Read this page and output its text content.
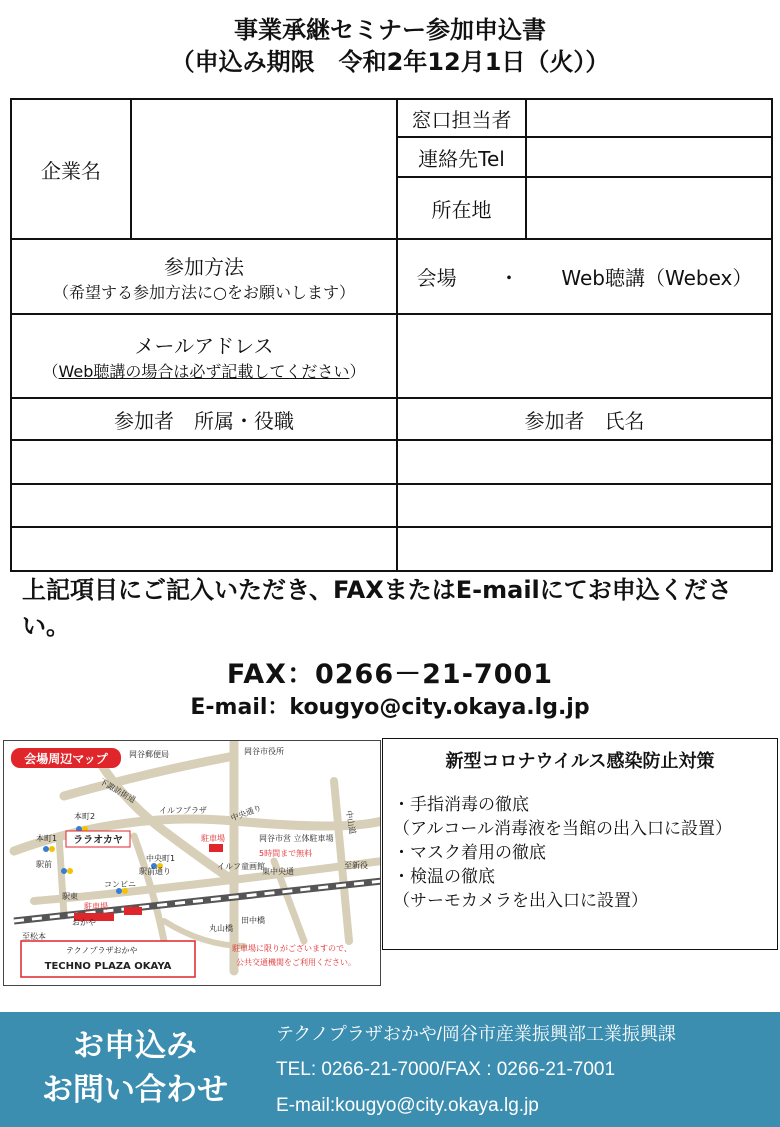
事業承継セミナー参加申込書
（申込み期限　令和2年12月1日（火））
企業名		窓口担当者	
		連絡先Tel	
		所在地	

参加方法
（希望する参加方法に○をお願いします）		会場 ・ Web聴講（Webex）	

メールアドレス
（Web聴講の場合は必ず記載してください）			

参加者　所属・役職		参加者　氏名	

上記項目にご記入いただき、FAXまたはE-mailにてお申込ください。
FAX：0266－21-7001
E-mail：kougyo@city.okaya.lg.jp
会場周辺マップ	岡谷郵便局	岡谷市役所
下諏訪街道
本町2
本町1
イルフプラザ	中央通り	中山道
駐車場	岡谷市営 立体駐車場
5時間まで無料
駅前
中央町1
駅前通り
コンビニ
イルフ童画館
東中央通
至新役
駐車場
駅東
おかや
至松本
丸山橋
田中橋
テクノプラザおかや	駐車場に限りがございますので、
公共交通機関をご利用ください。
ララオカヤ
TECHNO PLAZA OKAYA
新型コロナウイルス感染防止対策
・手指消毒の徹底
（アルコール消毒液を当館の出入口に設置）
・マスク着用の徹底
・検温の徹底
（サーモカメラを出入口に設置）
お申込み
お問い合わせ
テクノプラザおかや/岡谷市産業振興部工業振興課
TEL: 0266-21-7000/FAX : 0266-21-7001
E-mail:kougyo@city.okaya.lg.jp
